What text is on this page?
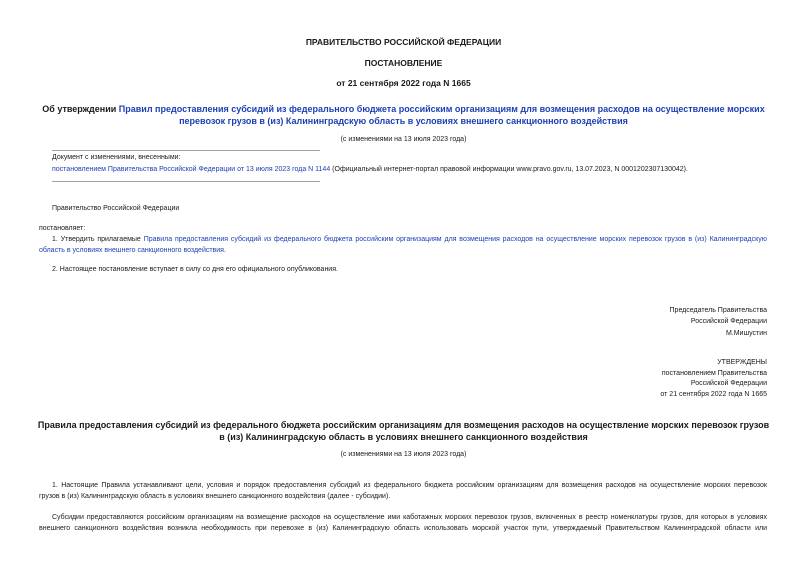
ПРАВИТЕЛЬСТВО РОССИЙСКОЙ ФЕДЕРАЦИИ
ПОСТАНОВЛЕНИЕ
от 21 сентября 2022 года N 1665
Об утверждении Правил предоставления субсидий из федерального бюджета российским организациям для возмещения расходов на осуществление морских
перевозок грузов в (из) Калининградскую область в условиях внешнего санкционного воздействия
(с изменениями на 13 июля 2023 года)
Документ с изменениями, внесенными:
постановлением Правительства Российской Федерации от 13 июля 2023 года N 1144 (Официальный интернет-портал правовой информации www.pravo.gov.ru, 13.07.2023, N 0001202307130042).
Правительство Российской Федерации
постановляет:
1. Утвердить прилагаемые Правила предоставления субсидий из федерального бюджета российским организациям для возмещения расходов на осуществление морских перевозок грузов в (из) Калининградскую
область в условиях внешнего санкционного воздействия.
2. Настоящее постановление вступает в силу со дня его официального опубликования.
Председатель Правительства
Российской Федерации
М.Мишустин
УТВЕРЖДЕНЫ
постановлением Правительства
Российской Федерации
от 21 сентября 2022 года N 1665
Правила предоставления субсидий из федерального бюджета российским организациям для возмещения расходов на осуществление морских перевозок грузов
в (из) Калининградскую область в условиях внешнего санкционного воздействия
(с изменениями на 13 июля 2023 года)
1. Настоящие Правила устанавливают цели, условия и порядок предоставления субсидий из федерального бюджета российским организациям для возмещения расходов на осуществление морских перевозок
грузов в (из) Калининградскую область в условиях внешнего санкционного воздействия (далее - субсидии).
Субсидии предоставляются российским организациям на возмещение расходов на осуществление ими каботажных морских перевозок грузов, включенных в реестр номенклатуры грузов, для которых в условиях
внешнего санкционного воздействия возникла необходимость при перевозке в (из) Калининградскую область использовать морской участок пути, утверждаемый Правительством Калининградской области или
